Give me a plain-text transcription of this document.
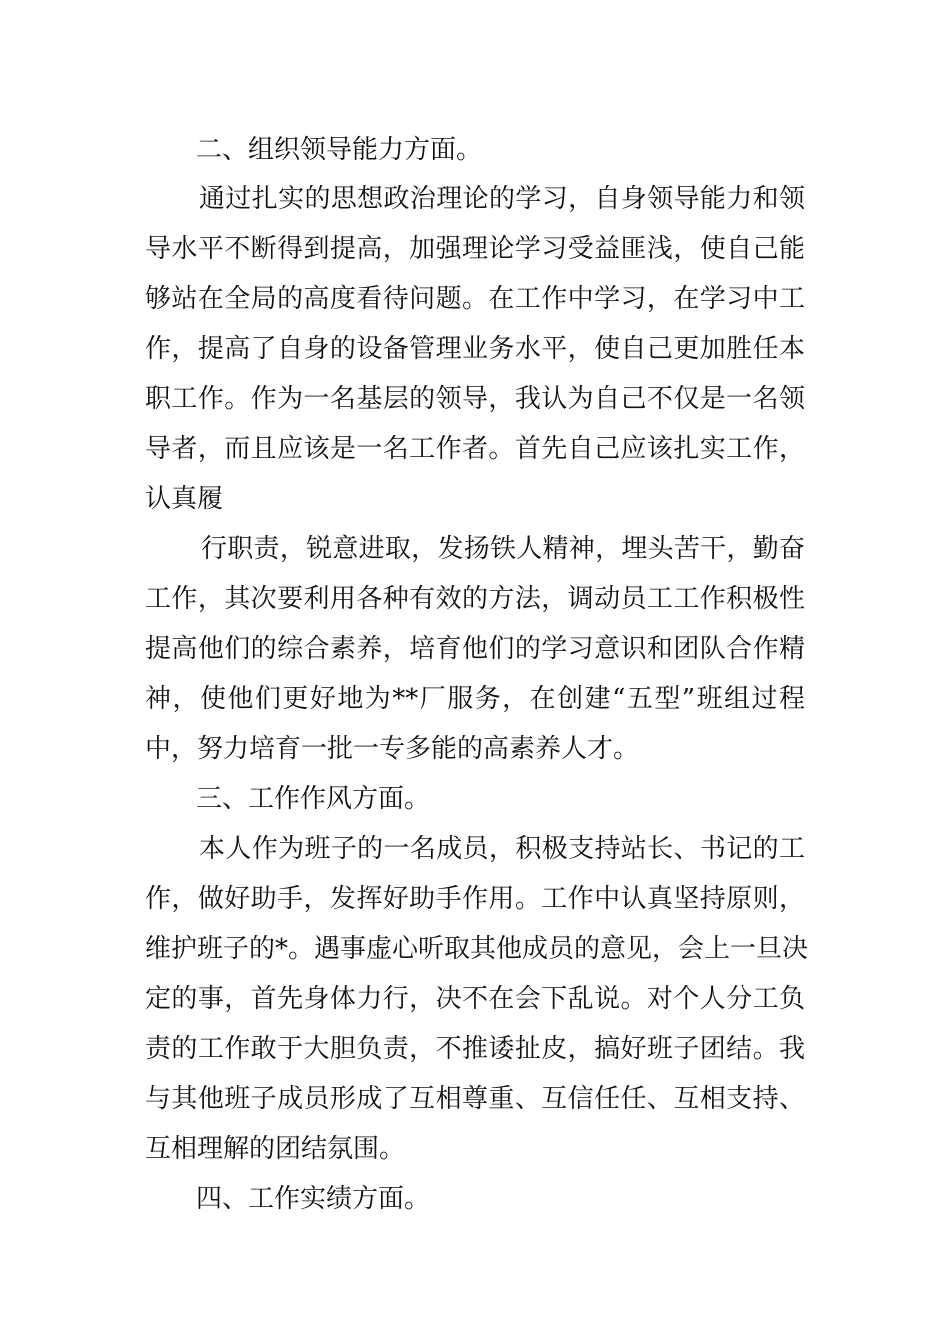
二、组织领导能力方面。
通过扎实的思想政治理论的学习，自身领导能力和领
导水平不断得到提高，加强理论学习受益匪浅，使自己能
够站在全局的高度看待问题。在工作中学习，在学习中工
作，提高了自身的设备管理业务水平，使自己更加胜任本
职工作。作为一名基层的领导，我认为自己不仅是一名领
导者，而且应该是一名工作者。首先自己应该扎实工作，
认真履
行职责，锐意进取，发扬铁人精神，埋头苦干，勤奋
工作，其次要利用各种有效的方法，调动员工工作积极性
提高他们的综合素养，培育他们的学习意识和团队合作精
神，使他们更好地为**厂服务，在创建“五型”班组过程
中，努力培育一批一专多能的高素养人才。
三、工作作风方面。
本人作为班子的一名成员，积极支持站长、书记的工
作，做好助手，发挥好助手作用。工作中认真坚持原则，
维护班子的*。遇事虚心听取其他成员的意见，会上一旦决
定的事，首先身体力行，决不在会下乱说。对个人分工负
责的工作敢于大胆负责，不推诿扯皮，搞好班子团结。我
与其他班子成员形成了互相尊重、互信任任、互相支持、
互相理解的团结氛围。
四、工作实绩方面。
